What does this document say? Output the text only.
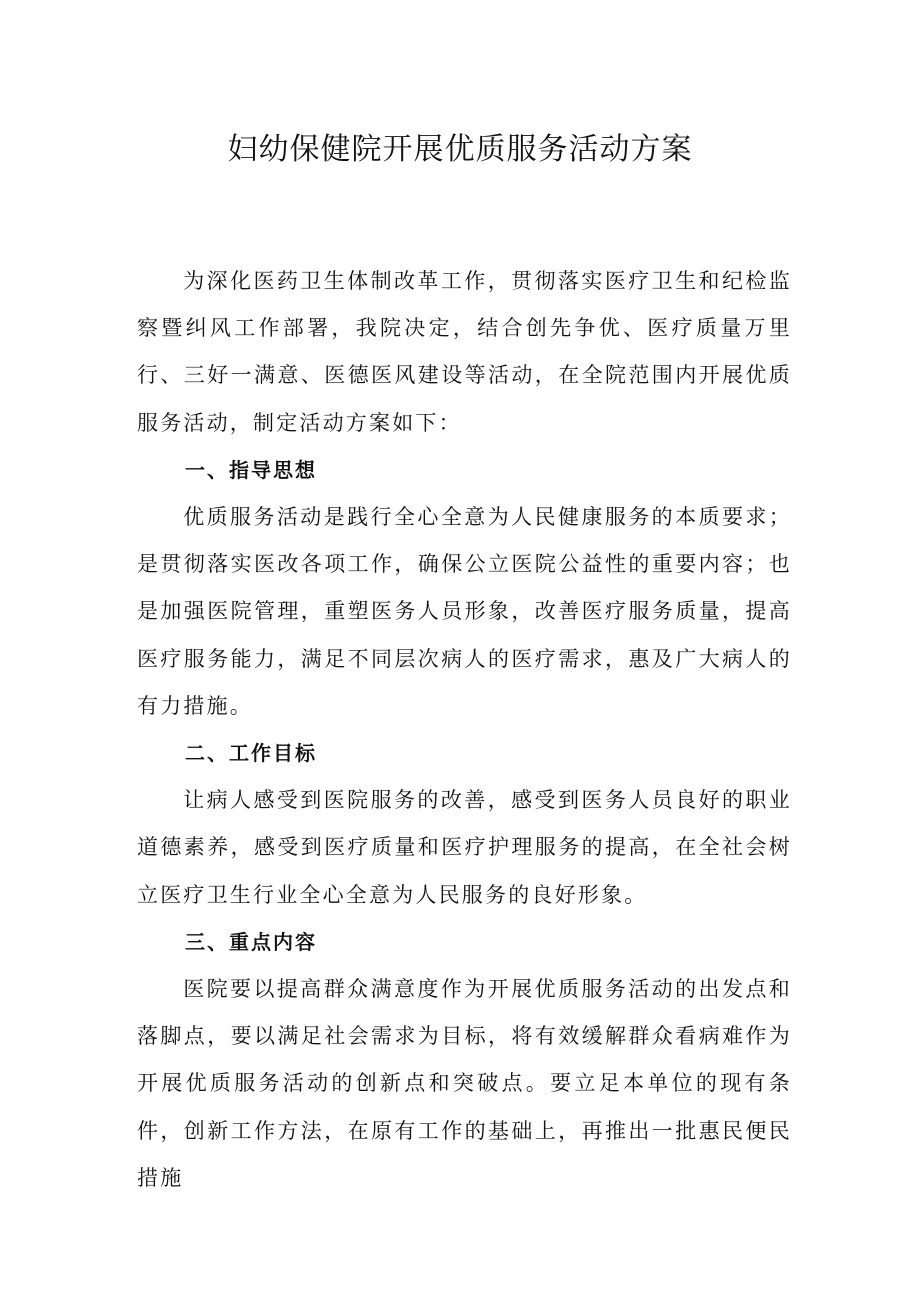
妇幼保健院开展优质服务活动方案

为深化医药卫生体制改革工作，贯彻落实医疗卫生和纪检监察暨纠风工作部署，我院决定，结合创先争优、医疗质量万里行、三好一满意、医德医风建设等活动，在全院范围内开展优质服务活动，制定活动方案如下：

一、指导思想

优质服务活动是践行全心全意为人民健康服务的本质要求；是贯彻落实医改各项工作，确保公立医院公益性的重要内容；也是加强医院管理，重塑医务人员形象，改善医疗服务质量，提高医疗服务能力，满足不同层次病人的医疗需求，惠及广大病人的有力措施。

二、工作目标

让病人感受到医院服务的改善，感受到医务人员良好的职业道德素养，感受到医疗质量和医疗护理服务的提高，在全社会树立医疗卫生行业全心全意为人民服务的良好形象。

三、重点内容

医院要以提高群众满意度作为开展优质服务活动的出发点和落脚点，要以满足社会需求为目标，将有效缓解群众看病难作为开展优质服务活动的创新点和突破点。要立足本单位的现有条件，创新工作方法，在原有工作的基础上，再推出一批惠民便民措施
